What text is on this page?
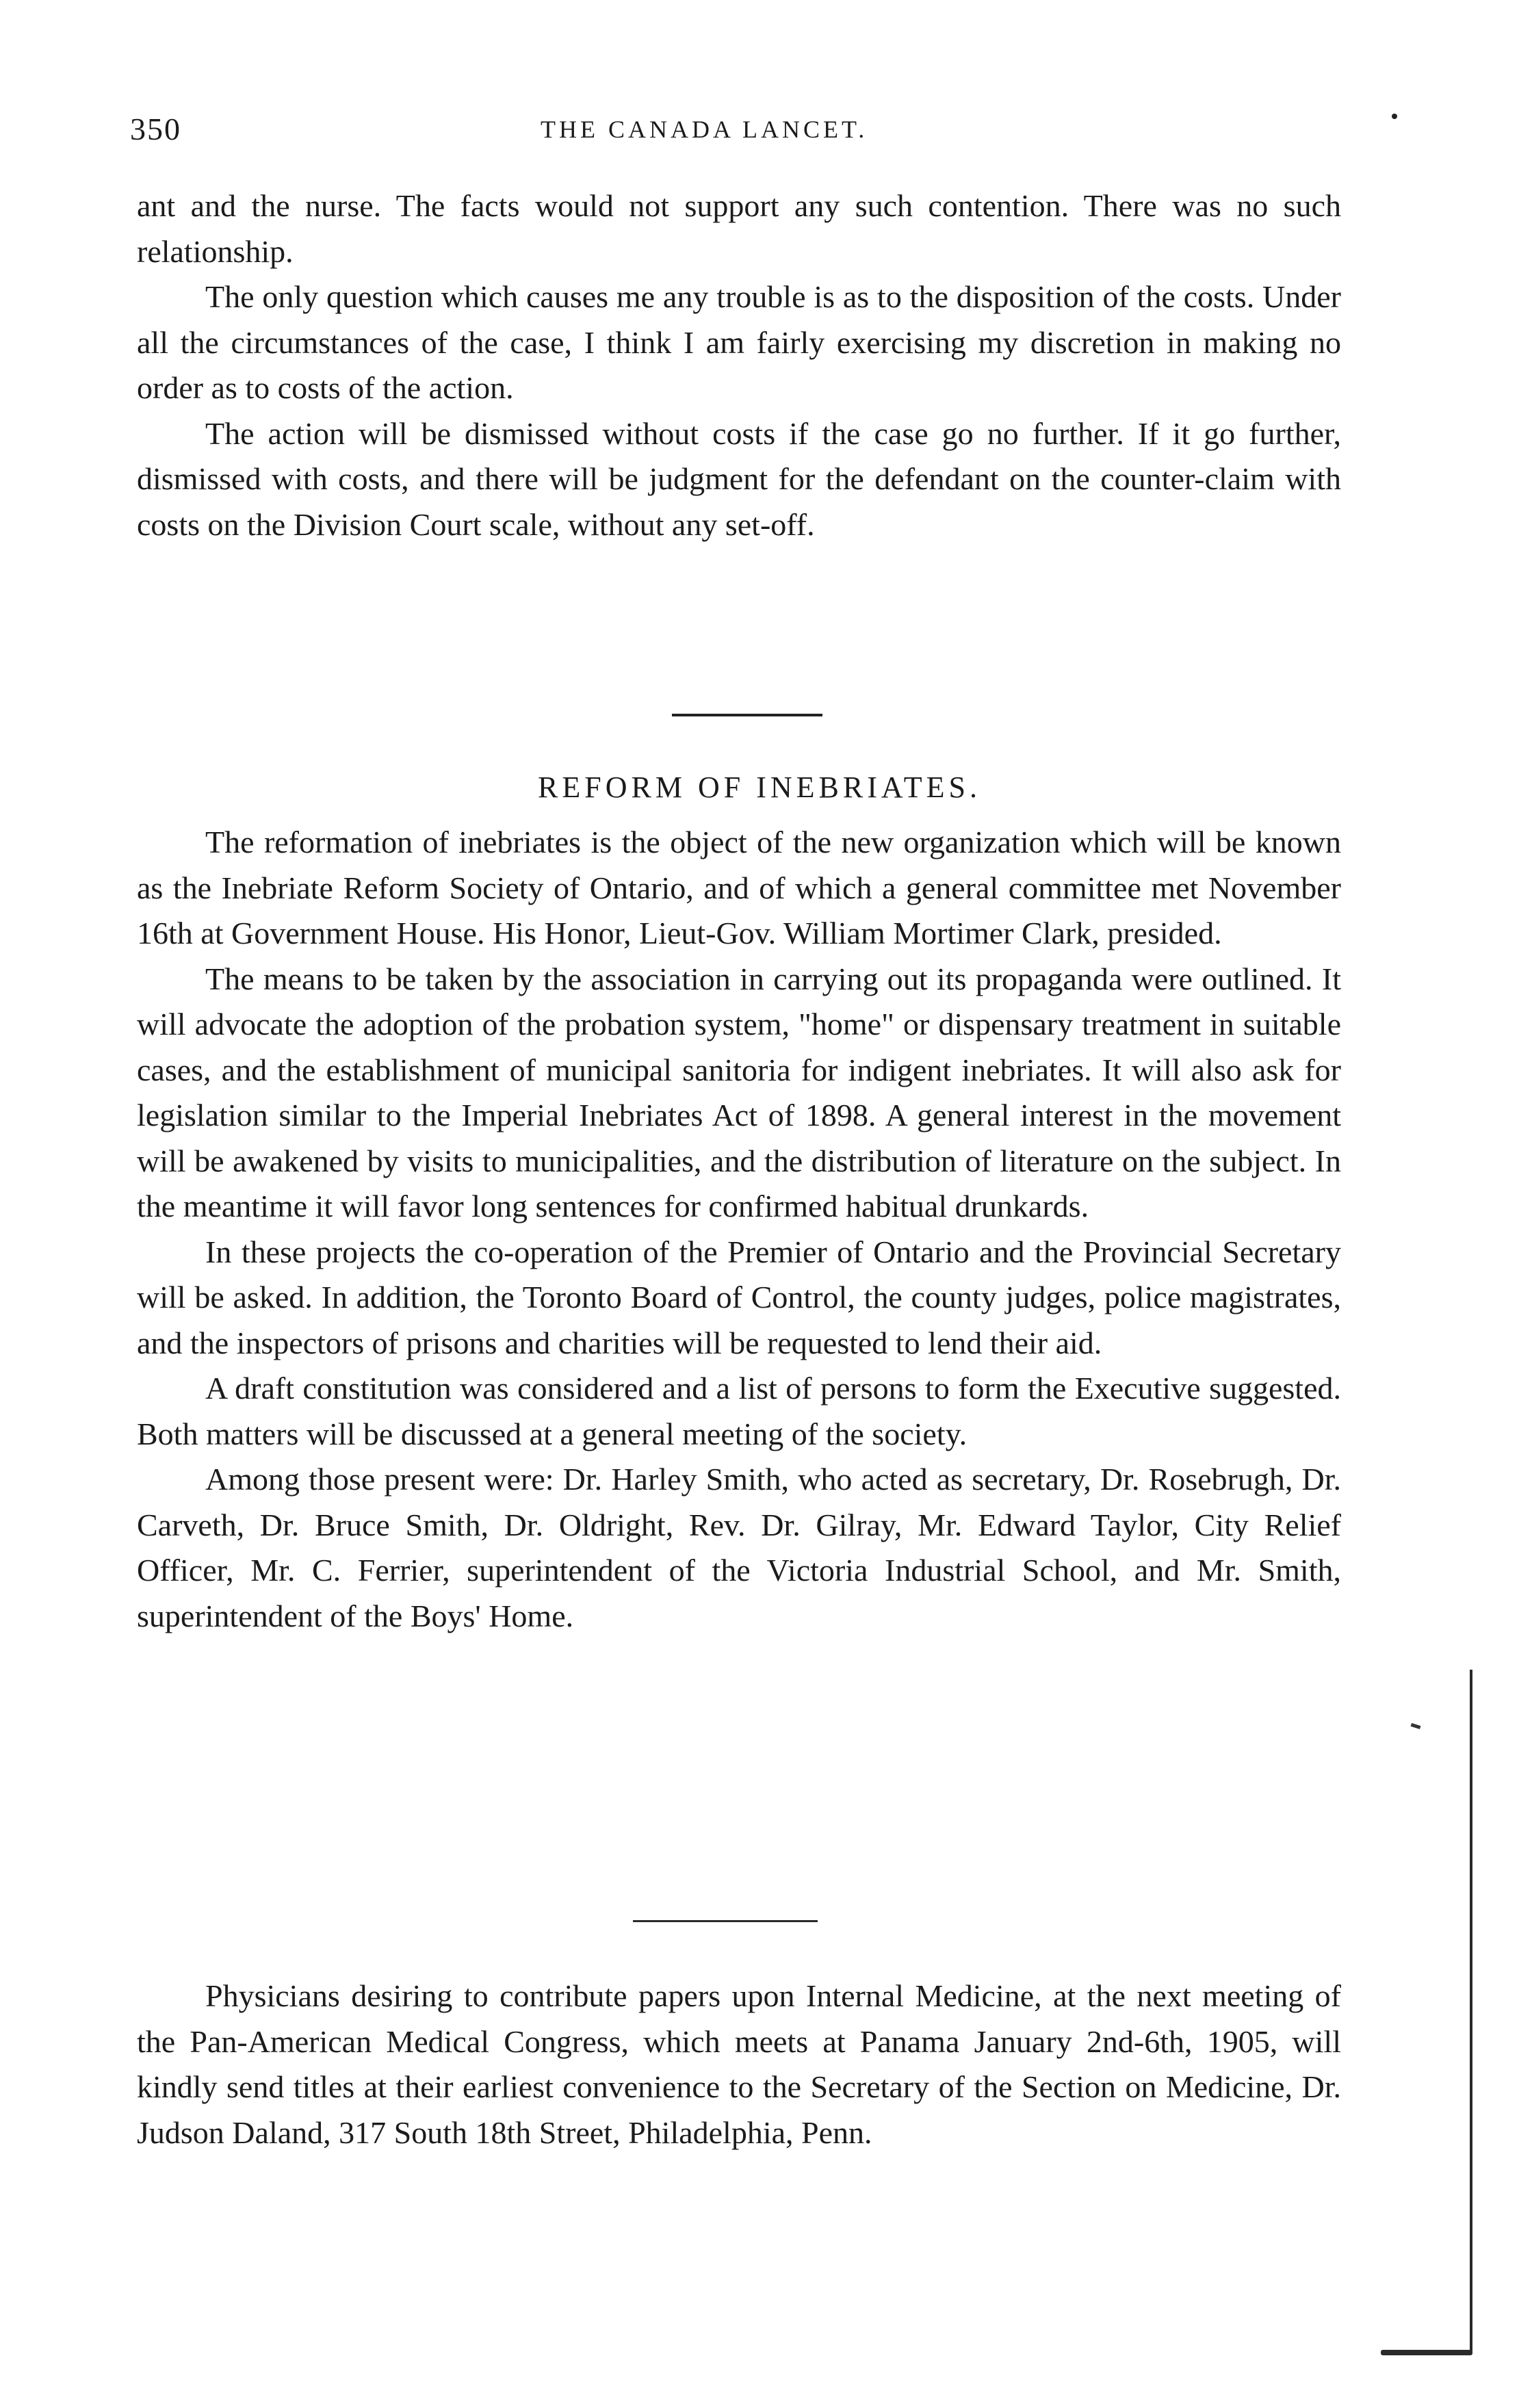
350	THE CANADA LANCET.

ant and the nurse. The facts would not support any such contention. There was no such relationship.

The only question which causes me any trouble is as to the disposition of the costs. Under all the circumstances of the case, I think I am fairly exercising my discretion in making no order as to costs of the action.

The action will be dismissed without costs if the case go no further. If it go further, dismissed with costs, and there will be judgment for the defendant on the counter-claim with costs on the Division Court scale, without any set-off.

REFORM OF INEBRIATES.

The reformation of inebriates is the object of the new organization which will be known as the Inebriate Reform Society of Ontario, and of which a general committee met November 16th at Government House. His Honor, Lieut-Gov. William Mortimer Clark, presided.

The means to be taken by the association in carrying out its propaganda were outlined. It will advocate the adoption of the probation system, "home" or dispensary treatment in suitable cases, and the establishment of municipal sanitoria for indigent inebriates. It will also ask for legislation similar to the Imperial Inebriates Act of 1898. A general interest in the movement will be awakened by visits to municipalities, and the distribution of literature on the subject. In the meantime it will favor long sentences for confirmed habitual drunkards.

In these projects the co-operation of the Premier of Ontario and the Provincial Secretary will be asked. In addition, the Toronto Board of Control, the county judges, police magistrates, and the inspectors of prisons and charities will be requested to lend their aid.

A draft constitution was considered and a list of persons to form the Executive suggested. Both matters will be discussed at a general meeting of the society.

Among those present were: Dr. Harley Smith, who acted as secretary, Dr. Rosebrugh, Dr. Carveth, Dr. Bruce Smith, Dr. Oldright, Rev. Dr. Gilray, Mr. Edward Taylor, City Relief Officer, Mr. C. Ferrier, superintendent of the Victoria Industrial School, and Mr. Smith, superintendent of the Boys' Home.

Physicians desiring to contribute papers upon Internal Medicine, at the next meeting of the Pan-American Medical Congress, which meets at Panama January 2nd-6th, 1905, will kindly send titles at their earliest convenience to the Secretary of the Section on Medicine, Dr. Judson Daland, 317 South 18th Street, Philadelphia, Penn.
